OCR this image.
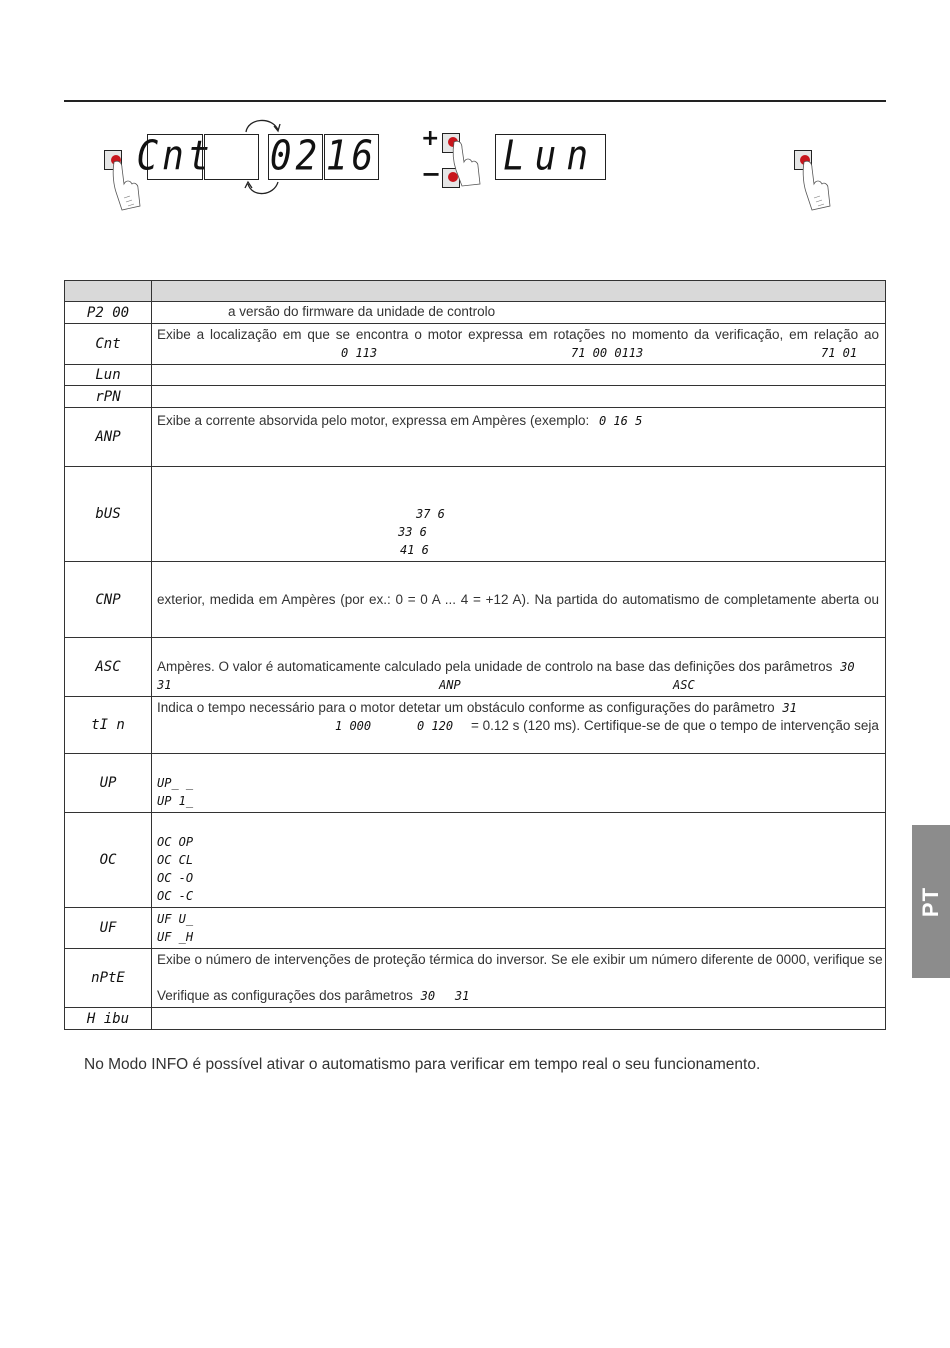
Cnt 02 16 +
− Lun

P2 00	a versão do firmware da unidade de controlo

Cnt	Exibe a localização em que se encontra o motor expressa em rotações no momento da verificação, em relação ao
0 113 71 00 0113 71 01

Lun	
rPN	
ANP	Exibe a corrente absorvida pelo motor, expressa em Ampères (exemplo: 0 16 5

bUS	37 6
33 6
41 6

CNP	exterior, medida em Ampères (por ex.: 0 = 0 A ... 4 = +12 A). Na partida do automatismo de completamente aberta ou

ASC	Ampères. O valor é automaticamente calculado pela unidade de controlo na base das definições dos parâmetros 30
31 ANP ASC

tI n	Indica o tempo necessário para o motor detetar um obstáculo conforme as configurações do parâmetro 31
1 000 0 120 = 0.12 s (120 ms). Certifique-se de que o tempo de intervenção seja

UP	UP_ _
UP 1_

OC	OC OP
OC CL
OC -O
OC -C

UF	UF U_
UF _H

nPtE	Exibe o número de intervenções de proteção térmica do inversor. Se ele exibir um número diferente de 0000, verifique se
Verifique as configurações dos parâmetros 30 31

H ibu	
No Modo INFO é possível ativar o automatismo para verificar em tempo real o seu funcionamento.
PT
